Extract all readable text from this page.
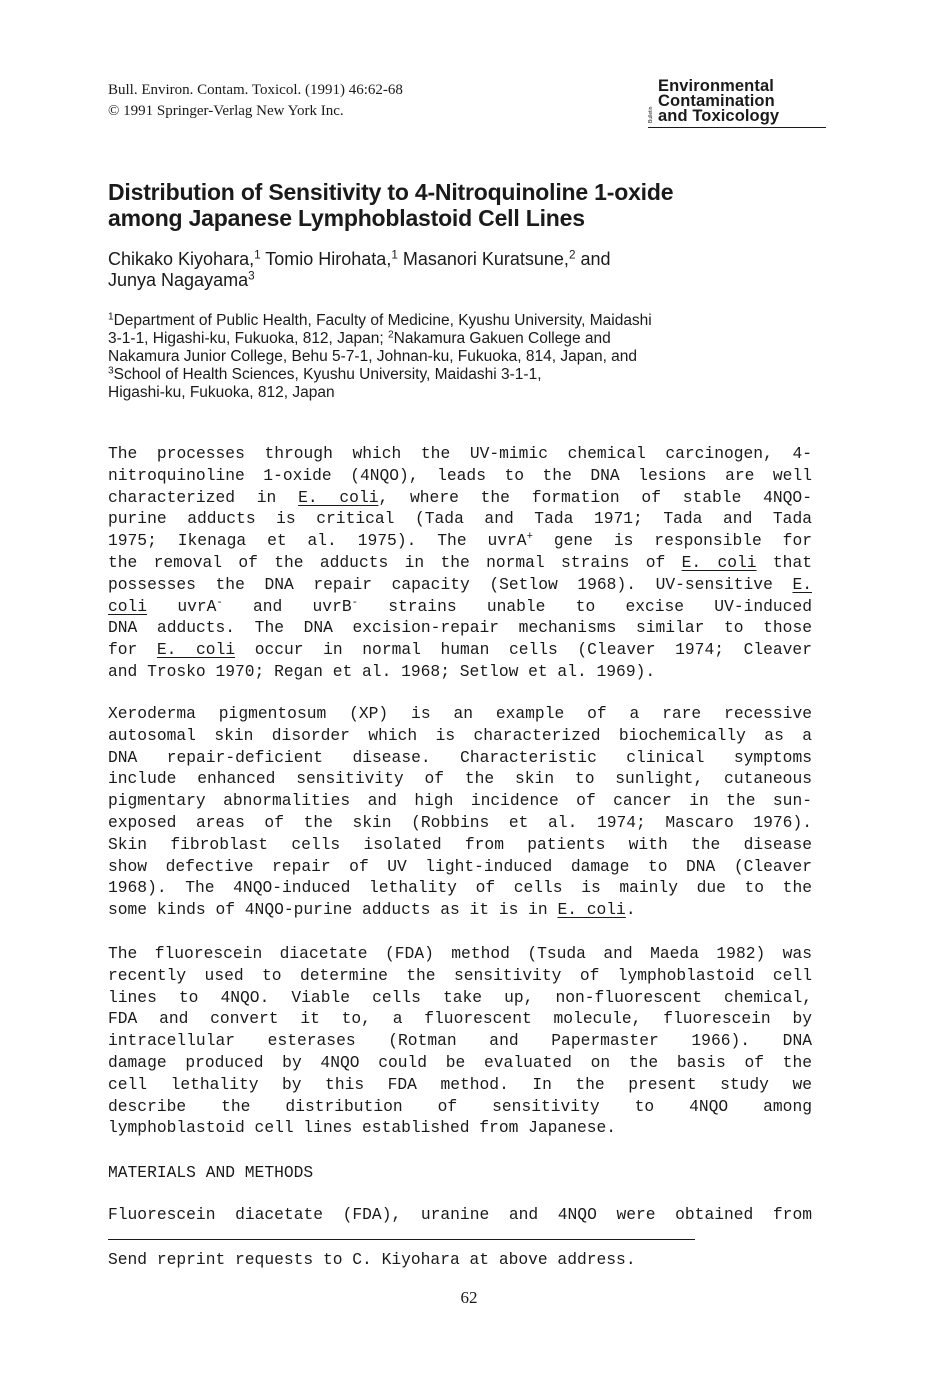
Bull. Environ. Contam. Toxicol. (1991) 46:62-68
© 1991 Springer-Verlag New York Inc.	Bulletin
Environmental
Contamination
and Toxicology
Distribution of Sensitivity to 4-Nitroquinoline 1-oxide
among Japanese Lymphoblastoid Cell Lines
Chikako Kiyohara,$^1$ Tomio Hirohata,$^1$ Masanori Kuratsune,$^2$ and
Junya Nagayama$^3$
$^1$Department of Public Health, Faculty of Medicine, Kyushu University, Maidashi
3-1-1, Higashi-ku, Fukuoka, 812, Japan; $^2$Nakamura Gakuen College and
Nakamura Junior College, Behu 5-7-1, Johnan-ku, Fukuoka, 814, Japan, and
$^3$School of Health Sciences, Kyushu University, Maidashi 3-1-1,
Higashi-ku, Fukuoka, 812, Japan
The processes through which the UV-mimic chemical carcinogen, 4-
nitroquinoline 1-oxide (4NQO), leads to the DNA lesions are well
characterized in E. coli, where the formation of stable 4NQO-
purine adducts is critical (Tada and Tada 1971; Tada and Tada
1975; Ikenaga et al. 1975). The uvrA+ gene is responsible for
the removal of the adducts in the normal strains of E. coli that
possesses the DNA repair capacity (Setlow 1968). UV-sensitive E.
coli uvrA- and uvrB- strains unable to excise UV-induced
DNA adducts. The DNA excision-repair mechanisms similar to those
for E. coli occur in normal human cells (Cleaver 1974; Cleaver
and Trosko 1970; Regan et al. 1968; Setlow et al. 1969).
Xeroderma pigmentosum (XP) is an example of a rare recessive
autosomal skin disorder which is characterized biochemically as a
DNA repair-deficient disease. Characteristic clinical symptoms
include enhanced sensitivity of the skin to sunlight, cutaneous
pigmentary abnormalities and high incidence of cancer in the sun-
exposed areas of the skin (Robbins et al. 1974; Mascaro 1976).
Skin fibroblast cells isolated from patients with the disease
show defective repair of UV light-induced damage to DNA (Cleaver
1968). The 4NQO-induced lethality of cells is mainly due to the
some kinds of 4NQO-purine adducts as it is in E. coli.
The fluorescein diacetate (FDA) method (Tsuda and Maeda 1982) was
recently used to determine the sensitivity of lymphoblastoid cell
lines to 4NQO. Viable cells take up, non-fluorescent chemical,
FDA and convert it to, a fluorescent molecule, fluorescein by
intracellular esterases (Rotman and Papermaster 1966). DNA
damage produced by 4NQO could be evaluated on the basis of the
cell lethality by this FDA method. In the present study we
describe the distribution of sensitivity to 4NQO among
lymphoblastoid cell lines established from Japanese.
MATERIALS AND METHODS
Fluorescein diacetate (FDA), uranine and 4NQO were obtained from
Send reprint requests to C. Kiyohara at above address.
62
